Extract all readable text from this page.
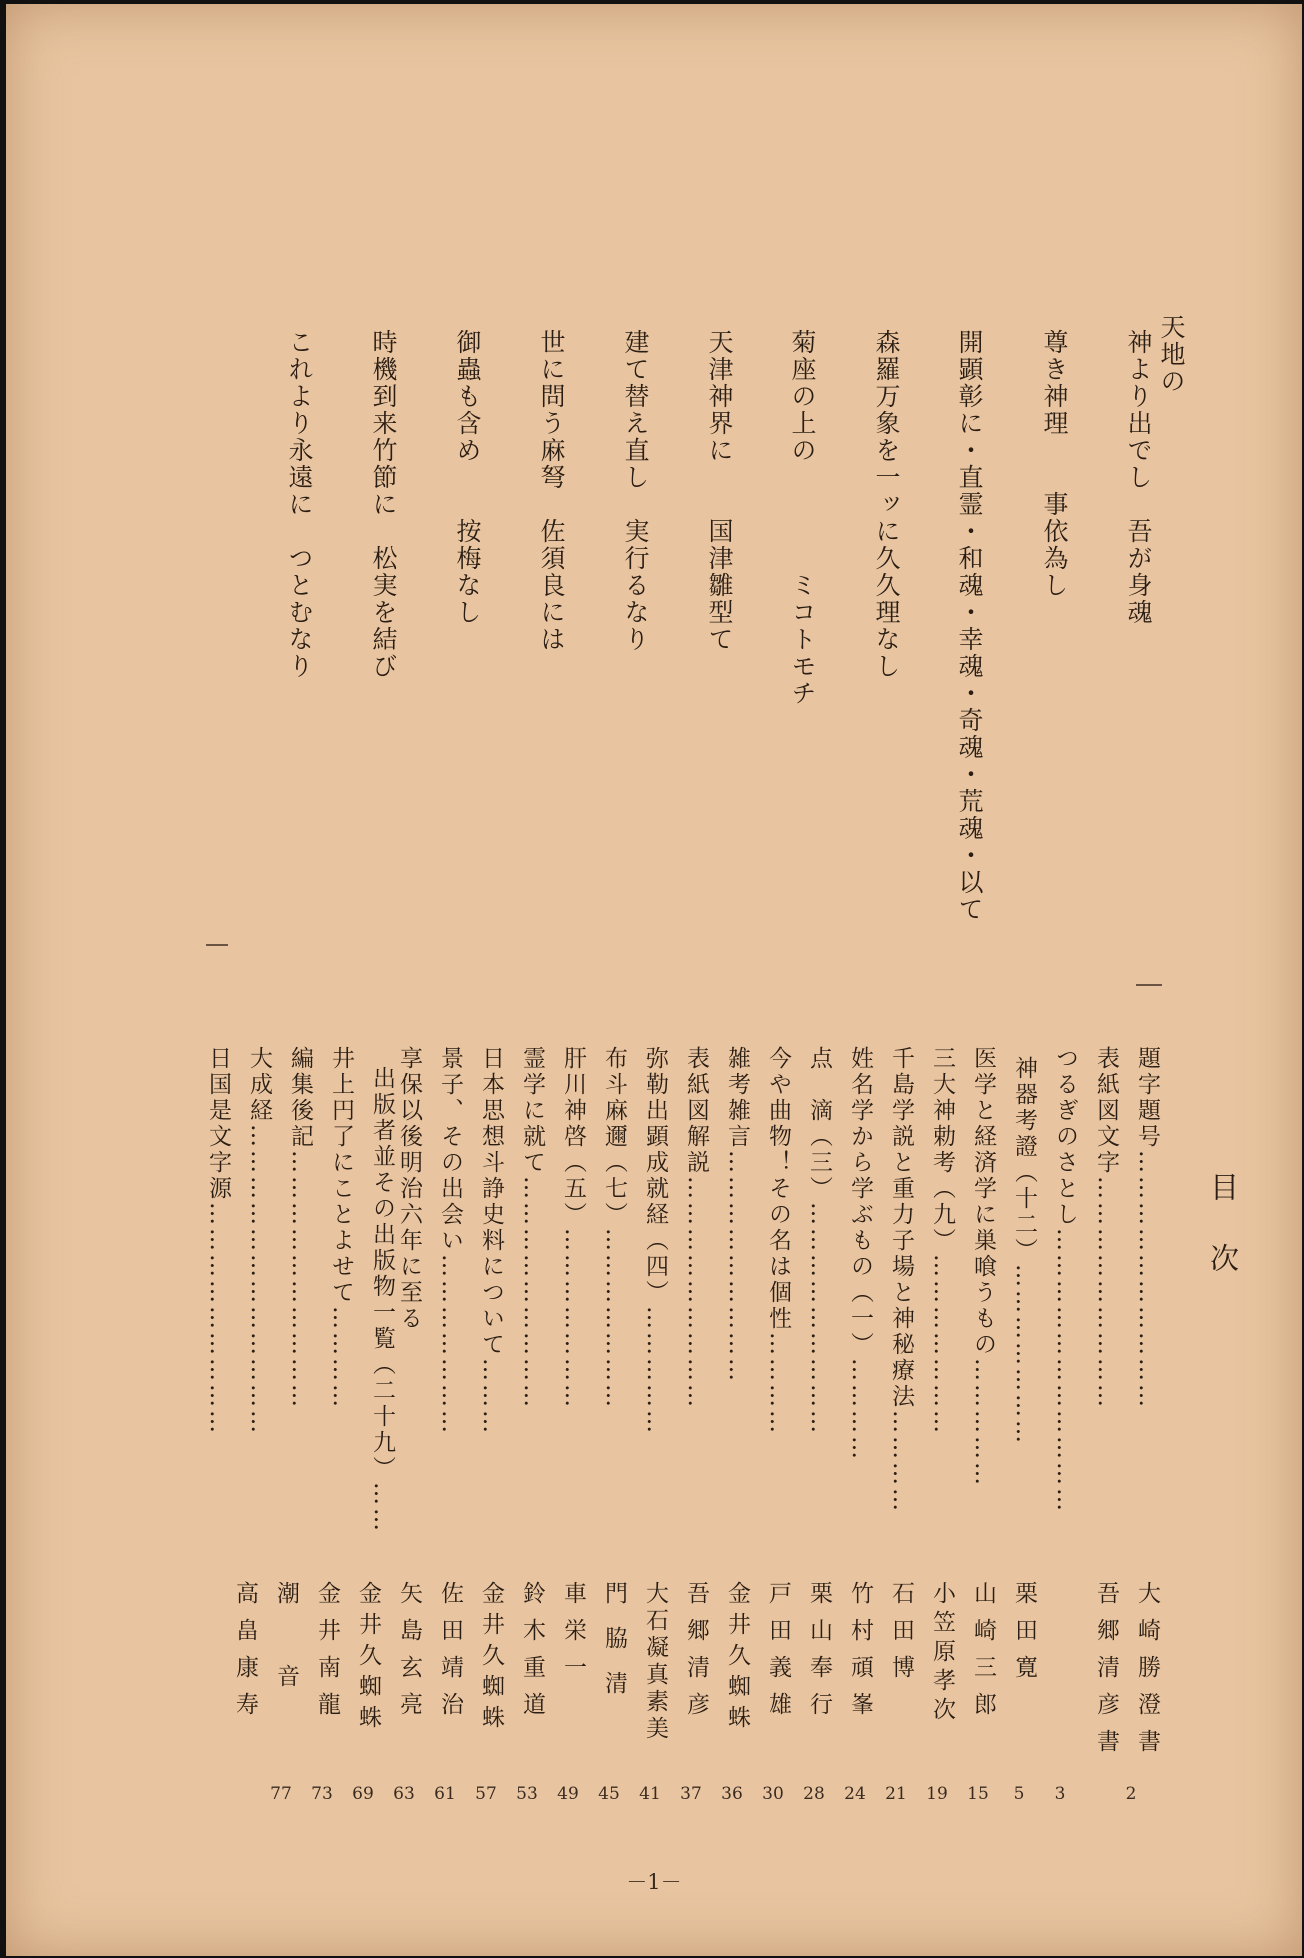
天地の
神より出でし　吾が身魂
尊き神理　　事依為し
開顕彰に・直霊・和魂・幸魂・奇魂・荒魂・以て
森羅万象を一ッに久久理なし
菊座の上の　　　　ミコトモチ
天津神界に　　国津雛型て
建て替え直し　実行るなり
世に問う麻弩　佐須良には
御蟲も含め　　按梅なし
時機到来竹節に　松実を結び
これより永遠に　つとむなり
目次
題字題号…………………………
表紙図文字………………………
つるぎのさとし……………………………
神器考證（十二）…………………
医学と経済学に巣喰うもの……………
三大神勅考（九）…………………
千島学説と重力子場と神秘療法…………
姓名学から学ぶもの（一）…………
点　滴（三）………………………
今や曲物！その名は個性…………
雑考雑言………………………
表紙図解説………………………
弥勒出顕成就経（四）……………
布斗麻邇（七）…………………
肝川神啓（五）…………………
霊学に就て………………………
日本思想斗諍史料について………
景子、その出会い…………………
享保以後明治六年に至る
出版者並その出版物一覧（二十九）……
井上円了にことよせて…………
編集後記…………………………
大成経………………………………
日国是文字源………………………
大崎勝澄書
吾郷清彦書
栗田寛
山崎三郎
小笠原孝次
石田博
竹村頑峯
栗山奉行
戸田義雄
金井久蜘蛛
吾郷清彦
大石凝真素美
門脇清
車栄一
鈴木重道
金井久蜘蛛
佐田靖治
矢島玄亮
金井久蜘蛛
金井南龍
潮音
高畠康寿
2
3
5
15
19
21
24
28
30
36
37
41
45
49
53
57
61
63
69
73
77
－1－
